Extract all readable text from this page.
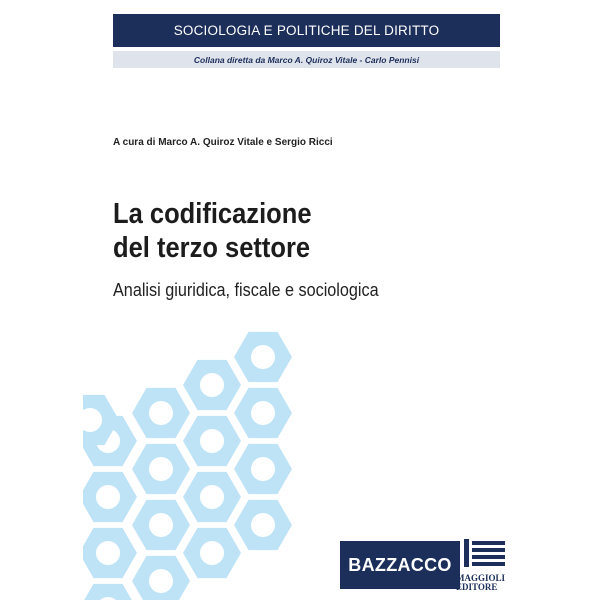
SOCIOLOGIA E POLITICHE DEL DIRITTO
Collana diretta da Marco A. Quiroz Vitale - Carlo Pennisi
A cura di Marco A. Quiroz Vitale e Sergio Ricci
La codificazione
del terzo settore
Analisi giuridica, fiscale e sociologica
BAZZACCO
MAGGIOLI
EDITORE
